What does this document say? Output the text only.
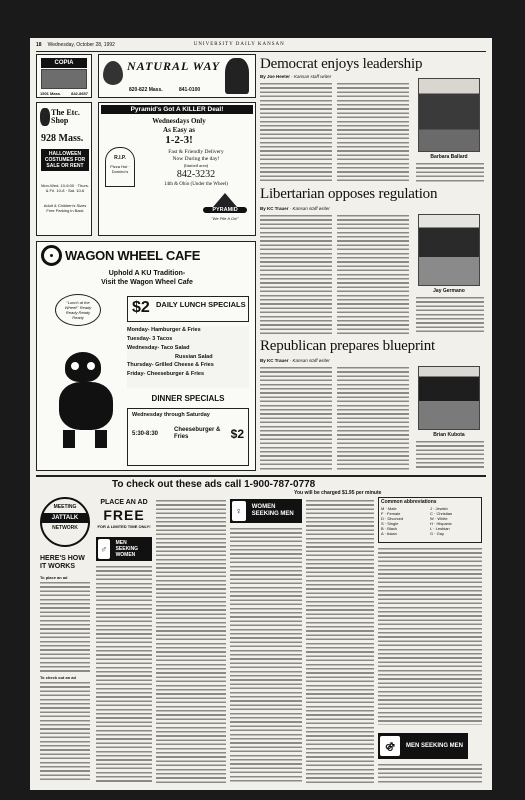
18 Wednesday, October 28, 1992	UNIVERSITY DAILY KANSAN
COPIA
1501 Mass. 842-8657
NATURAL WAY
820-822 Mass.	841-0100
The Etc. Shop
928 Mass.
HALLOWEEN COSTUMES FOR SALE OR RENT
Mon-Wed. 10-6:00 · Thurs. & Fri. 10-8 · Sat. 10-6
Adult & Children's Sizes Free Parking in Back
Pyramid's Got A KILLER Deal!
Wednesdays Only
As Easy as
1-2-3!
R.I.P.
Pizza Hut · Domino's
Fast & Friendly Delivery
Now During the day!
(limited area)
842-3232
14th & Ohio (Under the Wheel)
PYRAMID
"We Pile It On!"
WAGON WHEEL CAFE
Uphold A KU Tradition-
Visit the Wagon Wheel Cafe
"Lunch at the Wheel!" Ready Ready Ready Ready
$2 DAILY LUNCH SPECIALS
Monday- Hamburger & Fries
Tuesday- 3 Tacos
Wednesday- Taco Salad
Russian Salad
Thursday- Grilled Cheese & Fries
Friday- Cheeseburger & Fries
DINNER SPECIALS
Wednesday through Saturday
5:30-8:30
Cheeseburger & Fries	$2
Democrat enjoys leadership
By Joe Heeter · Kansan staff writer
Barbara Ballard
Libertarian opposes regulation
By KC Trauer · Kansan staff writer
Jay Germano
Republican prepares blueprint
By KC Trauer · Kansan staff writer
Brian Kubota
To check out these ads call 1-900-787-0778
You will be charged $1.95 per minute
MEETING
JATTALK
NETWORK
PLACE AN AD
FREE
FOR A LIMITED TIME ONLY!
HERE'S HOW IT WORKS
To place an ad
To check out an ad
♂
MEN SEEKING WOMEN
♀	WOMEN SEEKING MEN
Common abbreviations
M · Male	J · Jewish
F · Female	C · Christian
D · Divorced	W · White
S · Single	H · Hispanic
B · Black	L · Lesbian
A · Asian	G · Gay
⚣	MEN SEEKING MEN
